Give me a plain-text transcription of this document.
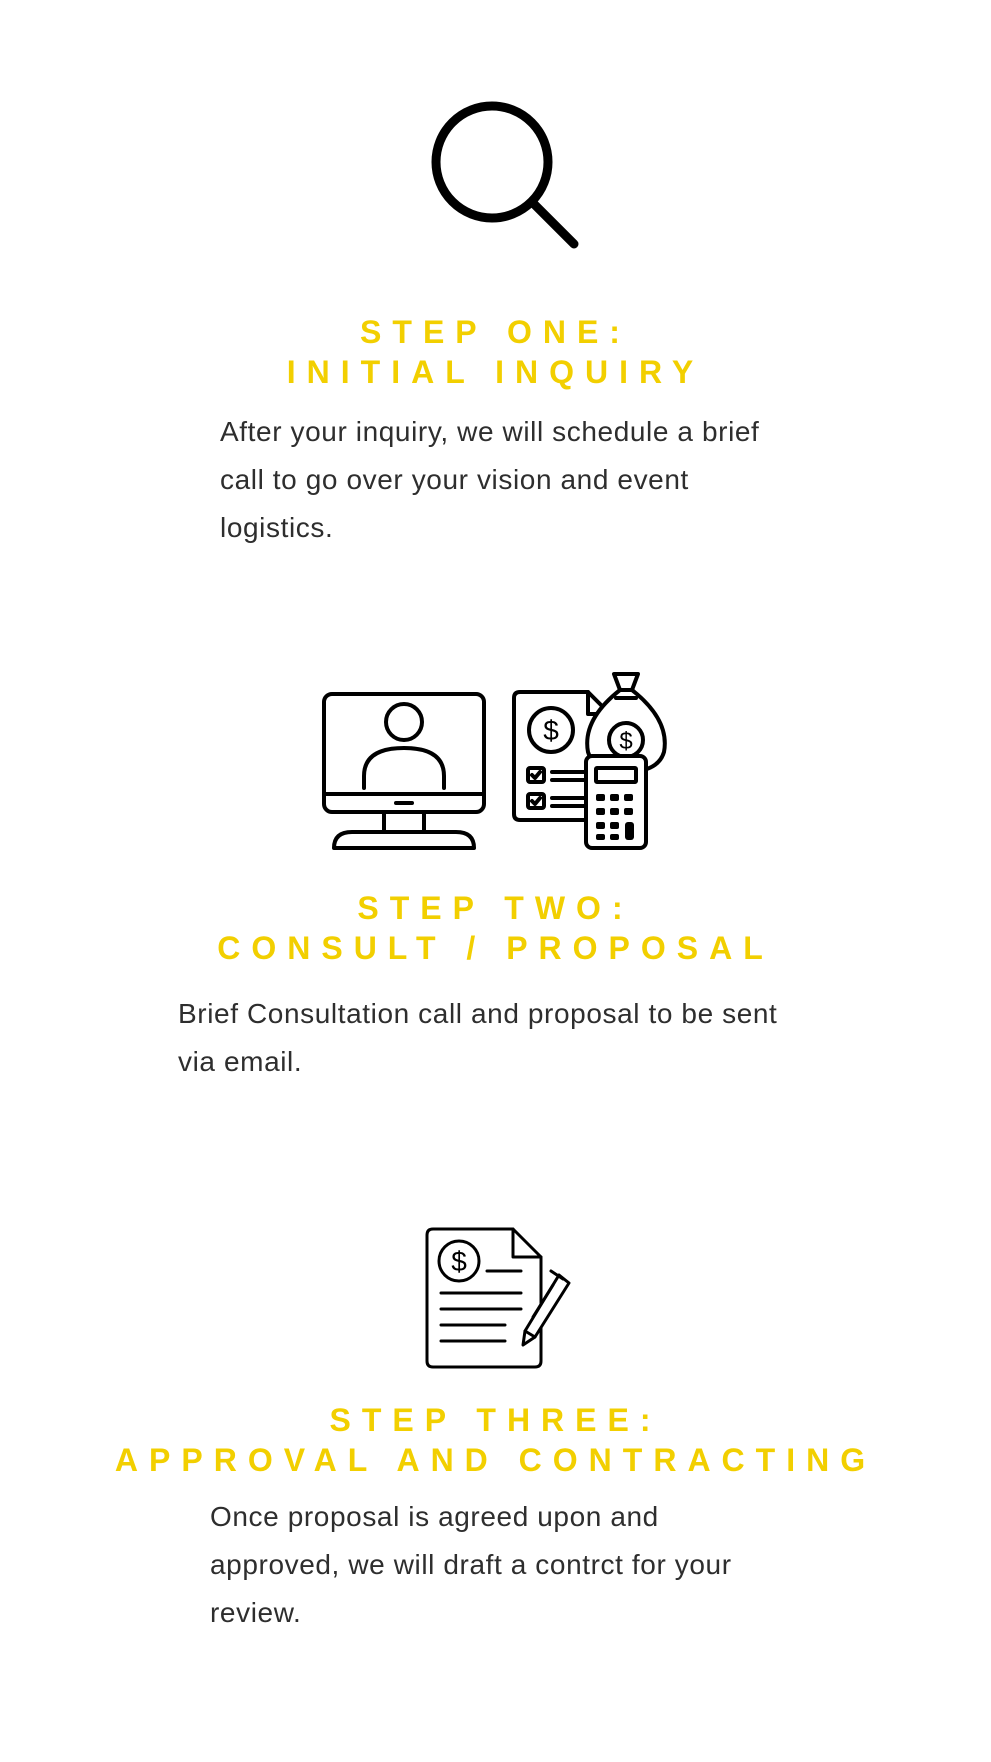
STEP ONE:
INITIAL INQUIRY

After your inquiry, we will schedule a brief call to go over your vision and event logistics.

$	$
STEP TWO:
CONSULT / PROPOSAL

Brief Consultation call and proposal to be sent via email.

$
STEP THREE:
APPROVAL AND CONTRACTING

Once proposal is agreed upon and approved, we will draft a contrct for your review.
